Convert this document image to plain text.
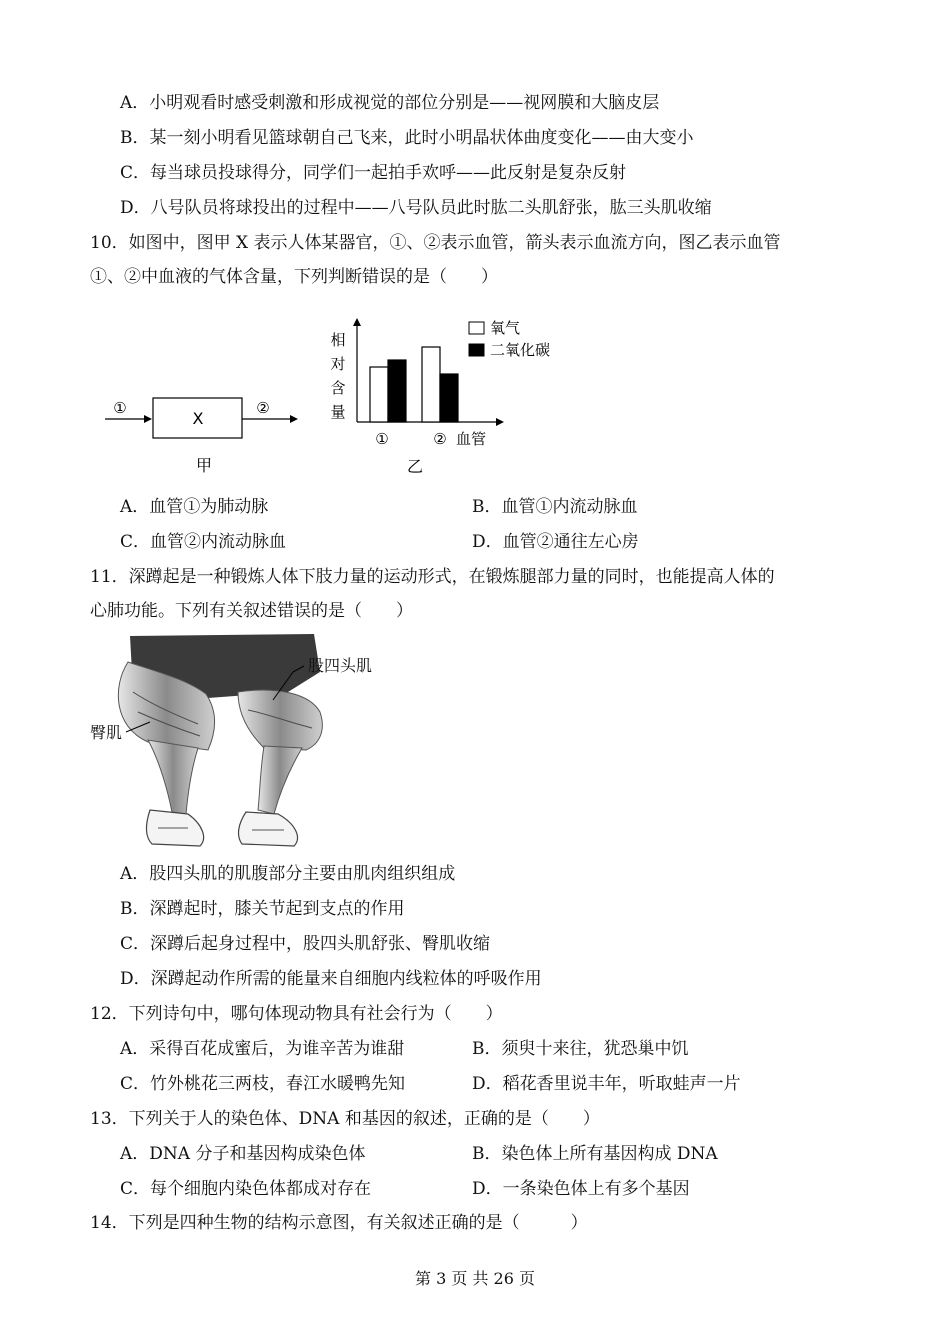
A．小明观看时感受刺激和形成视觉的部位分别是——视网膜和大脑皮层
B．某一刻小明看见篮球朝自己飞来，此时小明晶状体曲度变化——由大变小
C．每当球员投球得分，同学们一起拍手欢呼——此反射是复杂反射
D．八号队员将球投出的过程中——八号队员此时肱二头肌舒张，肱三头肌收缩
10．如图中，图甲 X 表示人体某器官，①、②表示血管，箭头表示血流方向，图乙表示血管
①、②中血液的气体含量，下列判断错误的是（　　）
①
X
②
甲
相
对
含
量
①	② 血管
氧气
二氧化碳
乙
A．血管①为肺动脉	B．血管①内流动脉血
C．血管②内流动脉血	D．血管②通往左心房
11．深蹲起是一种锻炼人体下肢力量的运动形式，在锻炼腿部力量的同时，也能提高人体的
心肺功能。下列有关叙述错误的是（　　）
股四头肌
臀肌
A．股四头肌的肌腹部分主要由肌肉组织组成
B．深蹲起时，膝关节起到支点的作用
C．深蹲后起身过程中，股四头肌舒张、臀肌收缩
D．深蹲起动作所需的能量来自细胞内线粒体的呼吸作用
12．下列诗句中，哪句体现动物具有社会行为（　　）
A．采得百花成蜜后，为谁辛苦为谁甜	B．须臾十来往，犹恐巢中饥
C．竹外桃花三两枝，春江水暖鸭先知	D．稻花香里说丰年，听取蛙声一片
13．下列关于人的染色体、DNA 和基因的叙述，正确的是（　　）
A．DNA 分子和基因构成染色体	B．染色体上所有基因构成 DNA
C．每个细胞内染色体都成对存在	D．一条染色体上有多个基因
14．下列是四种生物的结构示意图，有关叙述正确的是（　　　）
第 3 页 共 26 页
